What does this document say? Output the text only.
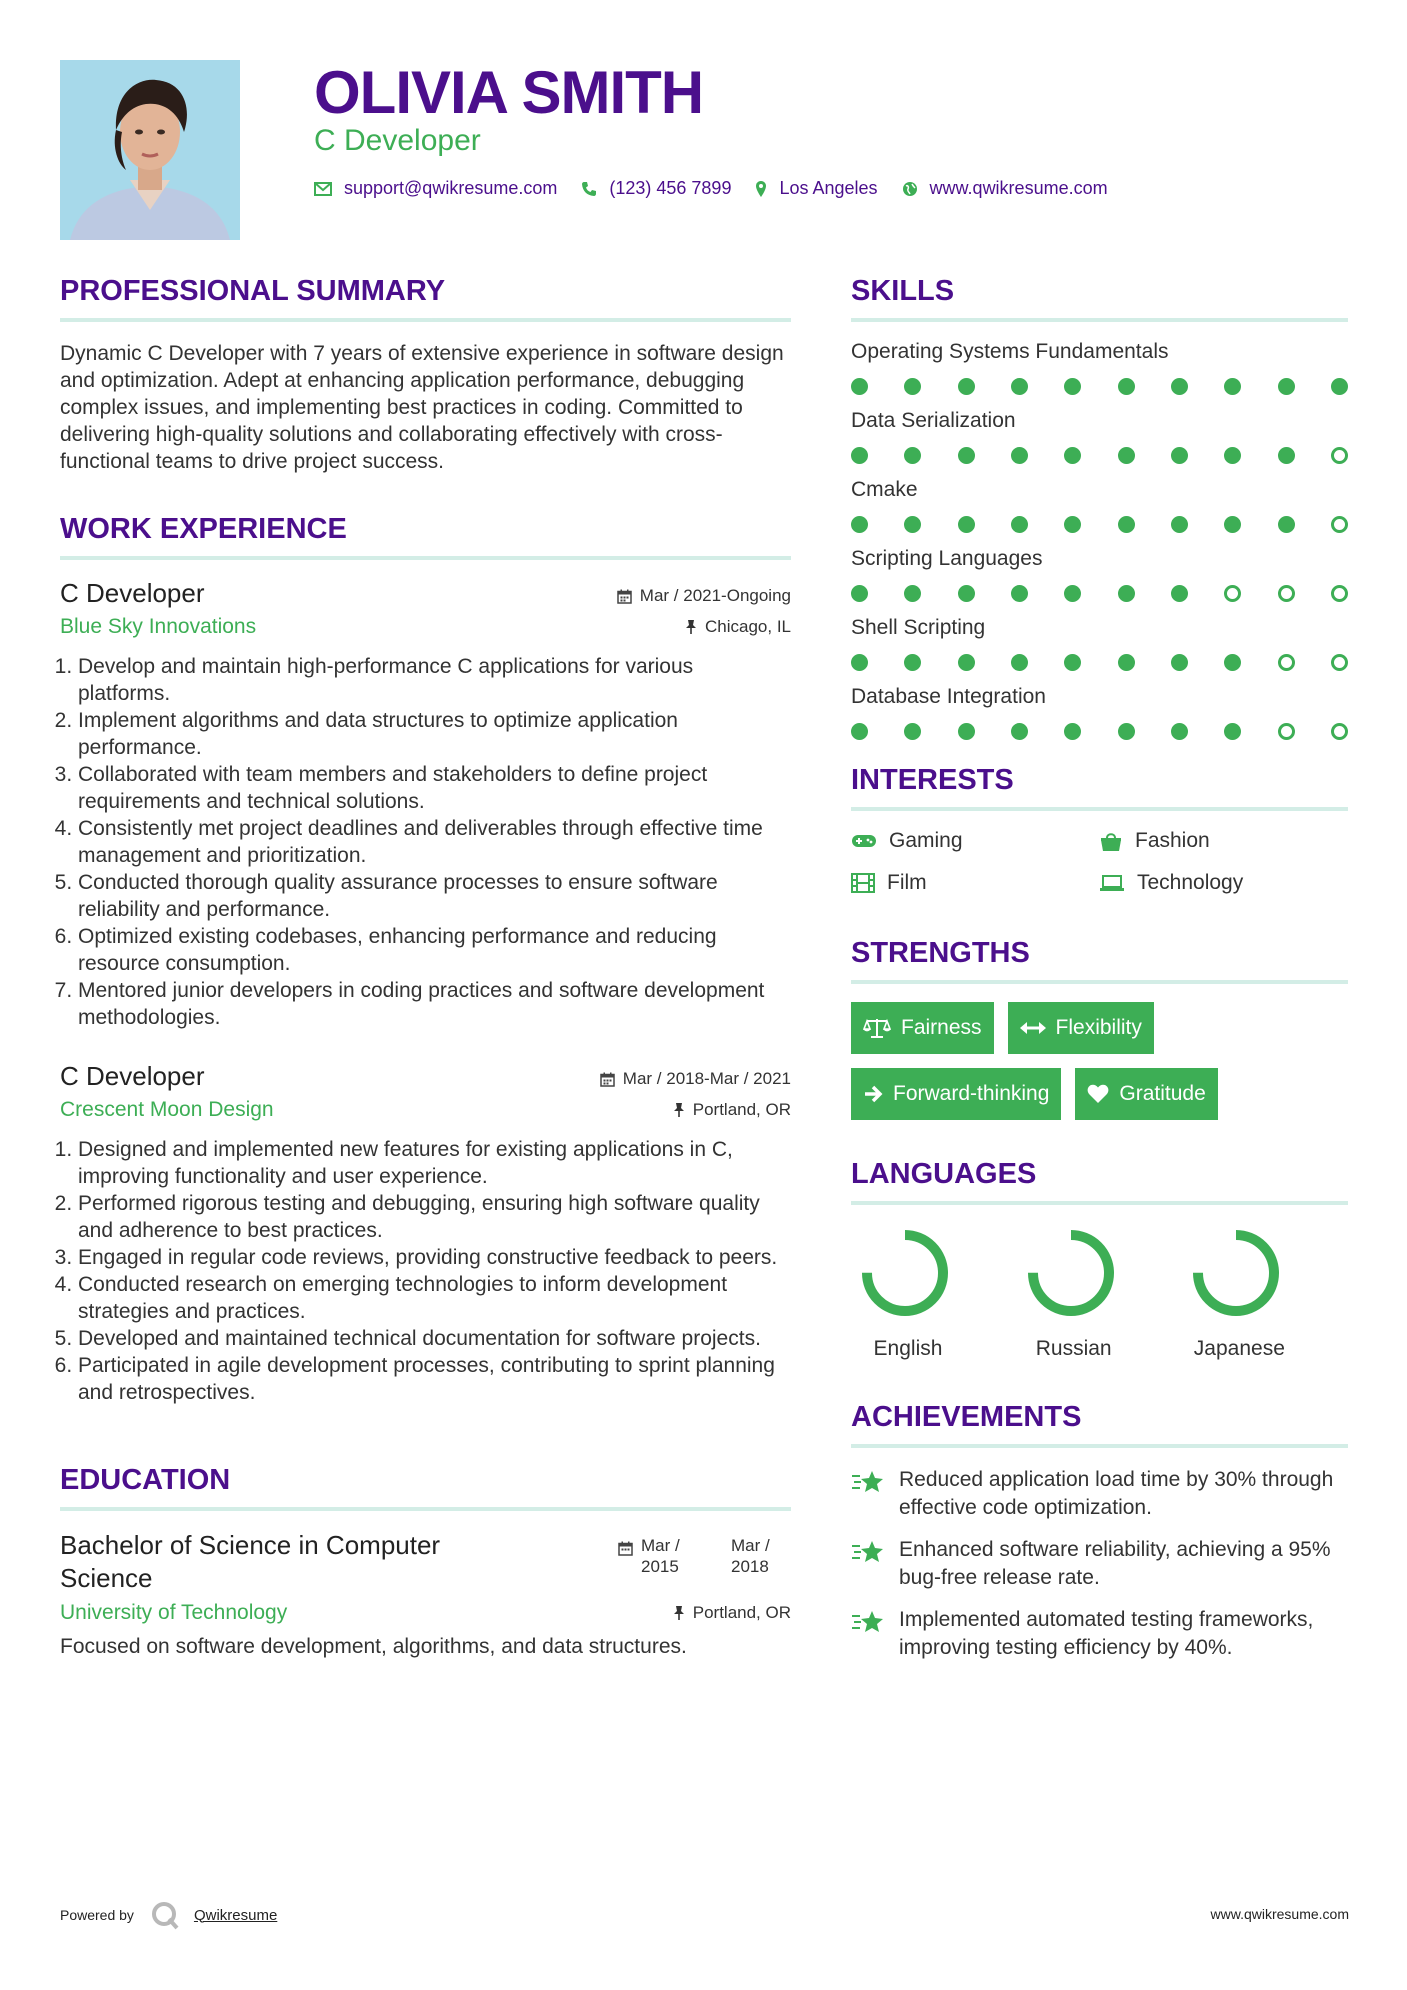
OLIVIA SMITH
C Developer
support@qwikresume.com	(123) 456 7899	Los Angeles	www.qwikresume.com
PROFESSIONAL SUMMARY

Dynamic C Developer with 7 years of extensive experience in software design and optimization. Adept at enhancing application performance, debugging complex issues, and implementing best practices in coding. Committed to delivering high-quality solutions and collaborating effectively with cross-functional teams to drive project success.

WORK EXPERIENCE
C Developer	Mar / 2021-Ongoing
Blue Sky Innovations	Chicago, IL
1. Develop and maintain high-performance C applications for various platforms.
2. Implement algorithms and data structures to optimize application performance.
3. Collaborated with team members and stakeholders to define project requirements and technical solutions.
4. Consistently met project deadlines and deliverables through effective time management and prioritization.
5. Conducted thorough quality assurance processes to ensure software reliability and performance.
6. Optimized existing codebases, enhancing performance and reducing resource consumption.
7. Mentored junior developers in coding practices and software development methodologies.
C Developer	Mar / 2018-Mar / 2021
Crescent Moon Design	Portland, OR
1. Designed and implemented new features for existing applications in C, improving functionality and user experience.
2. Performed rigorous testing and debugging, ensuring high software quality and adherence to best practices.
3. Engaged in regular code reviews, providing constructive feedback to peers.
4. Conducted research on emerging technologies to inform development strategies and practices.
5. Developed and maintained technical documentation for software projects.
6. Participated in agile development processes, contributing to sprint planning and retrospectives.
EDUCATION
Bachelor of Science in Computer Science
Mar / 2015
Mar / 2018
University of Technology	Portland, OR
Focused on software development, algorithms, and data structures.
SKILLS
Operating Systems Fundamentals
Data Serialization
Cmake
Scripting Languages
Shell Scripting
Database Integration
INTERESTS
Gaming	Fashion
Film	Technology
STRENGTHS
Fairness	Flexibility
Forward-thinking	Gratitude
LANGUAGES
English	Russian	Japanese
ACHIEVEMENTS
Reduced application load time by 30% through effective code optimization.
Enhanced software reliability, achieving a 95% bug-free release rate.
Implemented automated testing frameworks, improving testing efficiency by 40%.
Powered by	Qwikresume	www.qwikresume.com
